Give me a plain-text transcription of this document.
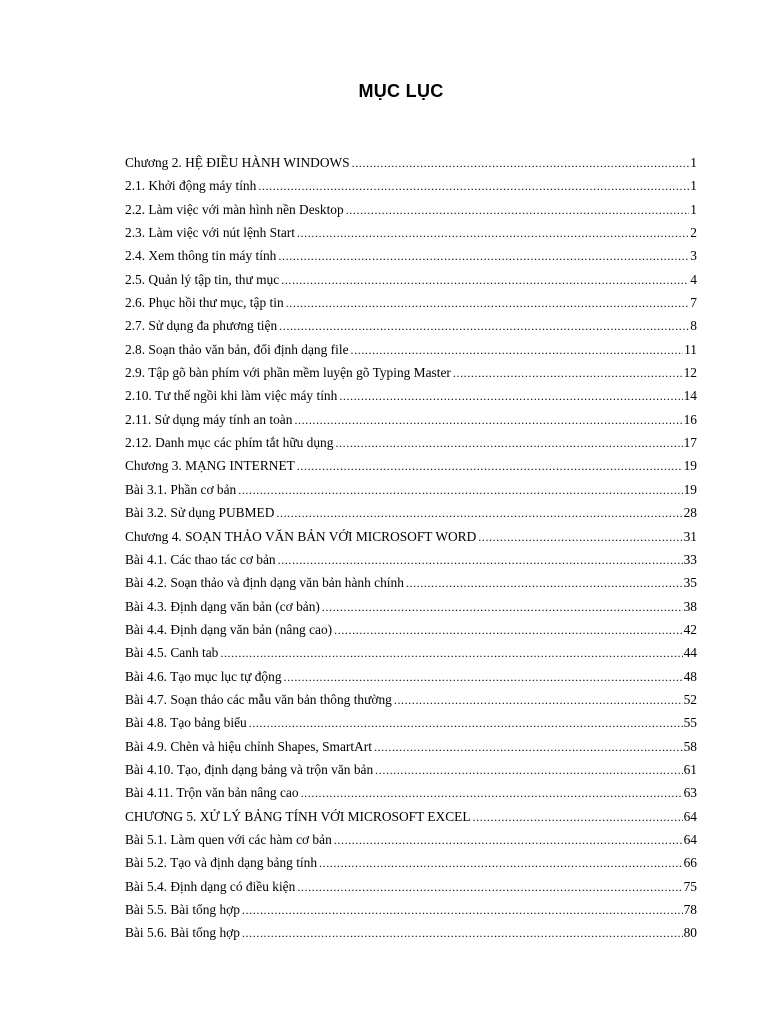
MỤC LỤC
Chương 2. HỆ ĐIỀU HÀNH WINDOWS .....	1
2.1. Khởi động máy tính .....	1
2.2. Làm việc với màn hình nền Desktop .....	1
2.3. Làm việc với nút lệnh Start .....	2
2.4. Xem thông tin máy tính .....	3
2.5. Quản lý tập tin, thư mục .....	4
2.6. Phục hồi thư mục, tập tin .....	7
2.7. Sử dụng đa phương tiện .....	8
2.8. Soạn thảo văn bản, đổi định dạng file .....	11
2.9. Tập gõ bàn phím với phần mềm luyện gõ Typing Master .....	12
2.10. Tư thế ngồi khi làm việc máy tính .....	14
2.11. Sử dụng máy tính an toàn .....	16
2.12. Danh mục các phím tắt hữu dụng .....	17
Chương 3. MẠNG INTERNET .....	19
Bài 3.1. Phần cơ bản .....	19
Bài 3.2. Sử dụng PUBMED .....	28
Chương 4. SOẠN THẢO VĂN BẢN VỚI MICROSOFT WORD .....	31
Bài 4.1. Các thao tác cơ bản .....	33
Bài 4.2. Soạn thảo và định dạng văn bản hành chính .....	35
Bài 4.3. Định dạng văn bản (cơ bản) .....	38
Bài 4.4. Định dạng văn bản (nâng cao) .....	42
Bài 4.5. Canh tab .....	44
Bài 4.6. Tạo mục lục tự động .....	48
Bài 4.7. Soạn thảo các mẫu văn bản thông thường .....	52
Bài 4.8. Tạo bảng biểu .....	55
Bài 4.9. Chèn và hiệu chỉnh Shapes, SmartArt .....	58
Bài 4.10. Tạo, định dạng bảng và trộn văn bản .....	61
Bài 4.11. Trộn văn bản nâng cao .....	63
CHƯƠNG 5. XỬ LÝ BẢNG TÍNH VỚI MICROSOFT EXCEL .....	64
Bài 5.1. Làm quen với các hàm cơ bản .....	64
Bài 5.2. Tạo và định dạng bảng tính .....	66
Bài 5.4. Định dạng có điều kiện .....	75
Bài 5.5. Bài tổng hợp .....	78
Bài 5.6. Bài tổng hợp .....	80
